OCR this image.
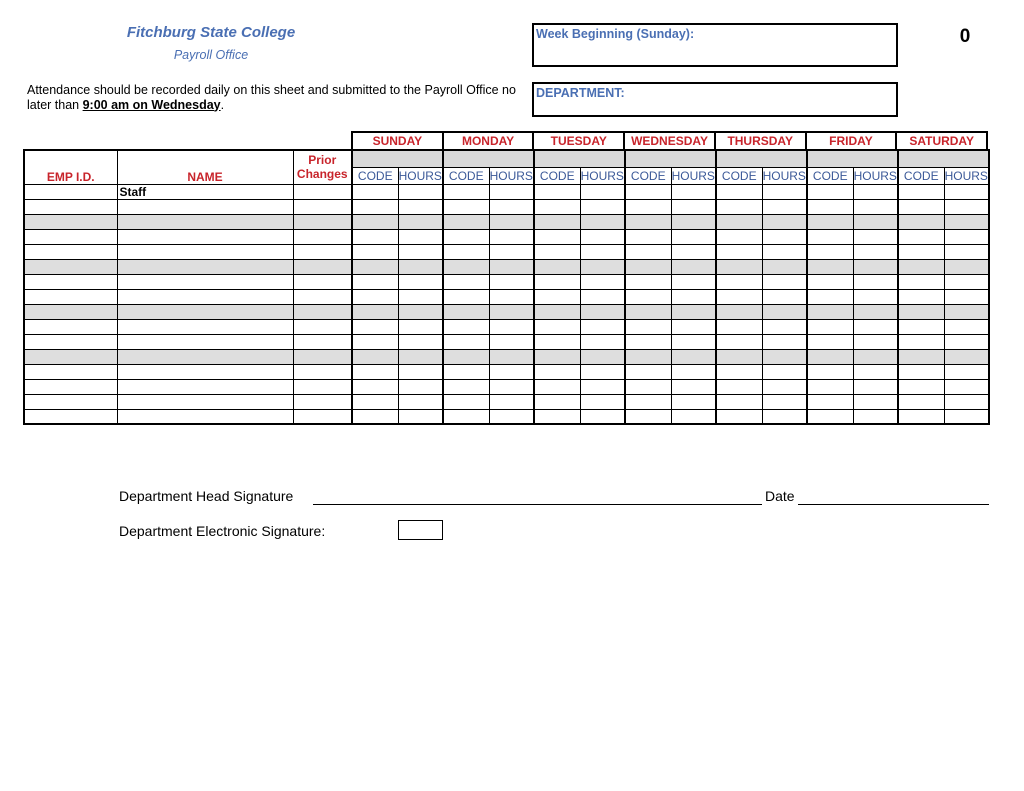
Fitchburg State College
Payroll Office
Attendance should be recorded daily on this sheet and submitted to the Payroll Office no later than 9:00 am on Wednesday.
Week Beginning (Sunday):
DEPARTMENT:
0
SUNDAY	MONDAY	TUESDAY	WEDNESDAY	THURSDAY	FRIDAY	SATURDAY
EMP I.D.	NAME	Prior
Changes														

			CODE	HOURS	CODE	HOURS	CODE	HOURS	CODE	HOURS	CODE	HOURS	CODE	HOURS	CODE	HOURS
	Staff															

Department Head Signature	Date
Department Electronic Signature:
